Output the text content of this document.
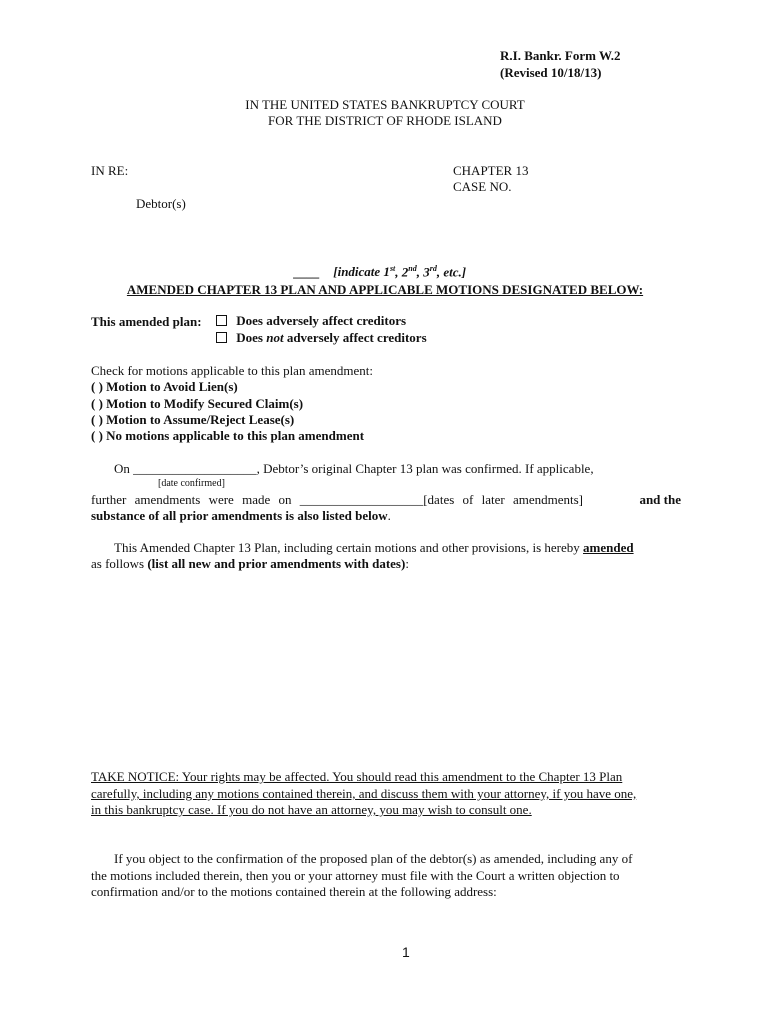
R.I. Bankr. Form W.2
(Revised 10/18/13)
IN THE UNITED STATES BANKRUPTCY COURT
FOR THE DISTRICT OF RHODE ISLAND
IN RE:
Debtor(s)
CHAPTER 13
CASE NO.
____ [indicate 1st, 2nd, 3rd, etc.]
AMENDED CHAPTER 13 PLAN AND APPLICABLE MOTIONS DESIGNATED BELOW:
This amended plan:	Does adversely affect creditors
Does not adversely affect creditors
Check for motions applicable to this plan amendment:
( ) Motion to Avoid Lien(s)
( ) Motion to Modify Secured Claim(s)
( ) Motion to Assume/Reject Lease(s)
( ) No motions applicable to this plan amendment
On ___________________, Debtor’s original Chapter 13 plan was confirmed. If applicable,
[date confirmed]
further amendments were made on ___________________[dates of later amendments]	and the
substance of all prior amendments is also listed below.
This Amended Chapter 13 Plan, including certain motions and other provisions, is hereby amended
as follows (list all new and prior amendments with dates):
TAKE NOTICE: Your rights may be affected. You should read this amendment to the Chapter 13 Plan
carefully, including any motions contained therein, and discuss them with your attorney, if you have one,
in this bankruptcy case. If you do not have an attorney, you may wish to consult one.
If you object to the confirmation of the proposed plan of the debtor(s) as amended, including any of
the motions included therein, then you or your attorney must file with the Court a written objection to
confirmation and/or to the motions contained therein at the following address:
1
